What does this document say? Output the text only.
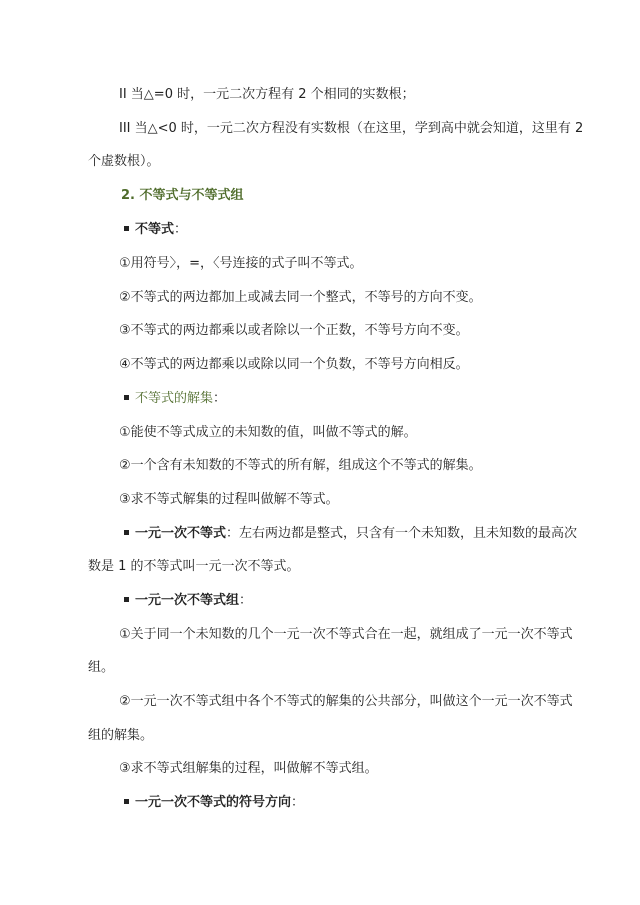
II 当△=0 时，一元二次方程有 2 个相同的实数根；
III 当△<0 时，一元二次方程没有实数根（在这里，学到高中就会知道，这里有 2
个虚数根）。
2. 不等式与不等式组
不等式：
①用符号〉，=，〈号连接的式子叫不等式。
②不等式的两边都加上或减去同一个整式，不等号的方向不变。
③不等式的两边都乘以或者除以一个正数，不等号方向不变。
④不等式的两边都乘以或除以同一个负数，不等号方向相反。
不等式的解集：
①能使不等式成立的未知数的值，叫做不等式的解。
②一个含有未知数的不等式的所有解，组成这个不等式的解集。
③求不等式解集的过程叫做解不等式。
一元一次不等式：左右两边都是整式，只含有一个未知数，且未知数的最高次
数是 1 的不等式叫一元一次不等式。
一元一次不等式组：
①关于同一个未知数的几个一元一次不等式合在一起，就组成了一元一次不等式
组。
②一元一次不等式组中各个不等式的解集的公共部分，叫做这个一元一次不等式
组的解集。
③求不等式组解集的过程，叫做解不等式组。
一元一次不等式的符号方向：
